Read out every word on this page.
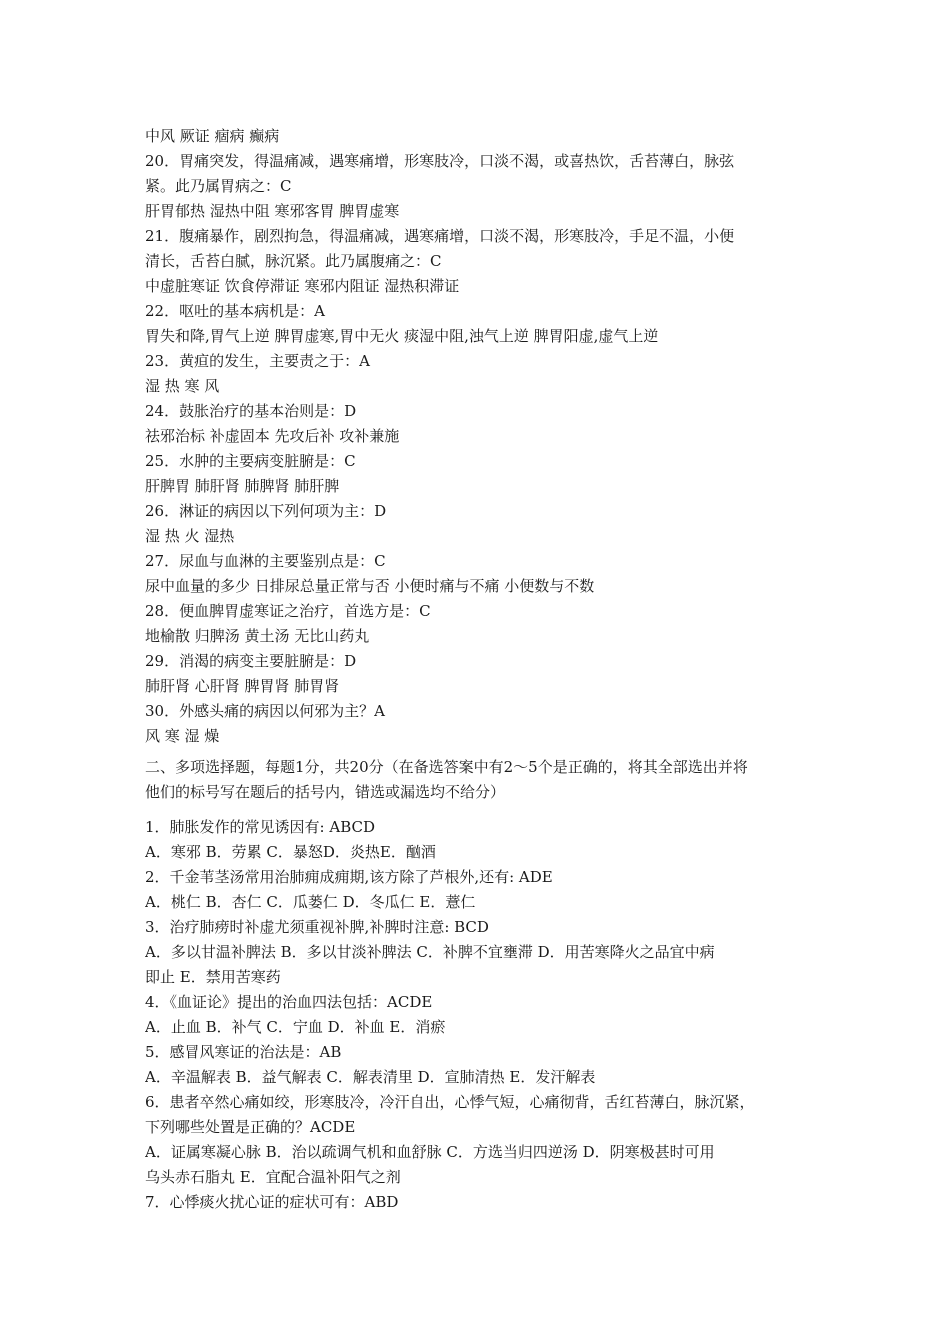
中风 厥证 痼病 癫病
20．胃痛突发，得温痛减，遇寒痛增，形寒肢冷，口淡不渴，或喜热饮，舌苔薄白，脉弦
紧。此乃属胃病之：C
肝胃郁热 湿热中阻 寒邪客胃 脾胃虚寒
21．腹痛暴作，剧烈拘急，得温痛减，遇寒痛增，口淡不渴，形寒肢冷，手足不温，小便
清长，舌苔白腻，脉沉紧。此乃属腹痛之：C
中虚脏寒证 饮食停滞证 寒邪内阻证 湿热积滞证
22．呕吐的基本病机是：A
胃失和降,胃气上逆 脾胃虚寒,胃中无火 痰湿中阻,浊气上逆 脾胃阳虚,虚气上逆
23．黄疸的发生，主要责之于：A
湿 热 寒 风
24．鼓胀治疗的基本治则是：D
祛邪治标 补虚固本 先攻后补 攻补兼施
25．水肿的主要病变脏腑是：C
肝脾胃 肺肝肾 肺脾肾 肺肝脾
26．淋证的病因以下列何项为主：D
湿 热 火 湿热
27．尿血与血淋的主要鉴别点是：C
尿中血量的多少 日排尿总量正常与否 小便时痛与不痛 小便数与不数
28．便血脾胃虚寒证之治疗，首选方是：C
地榆散 归脾汤 黄土汤 无比山药丸
29．消渴的病变主要脏腑是：D
肺肝肾 心肝肾 脾胃肾 肺胃肾
30．外感头痛的病因以何邪为主？A
风 寒 湿 燥
二、多项选择题，每题1分，共20分（在备选答案中有2～5个是正确的，将其全部选出并将
他们的标号写在题后的括号内，错选或漏选均不给分）
1．肺胀发作的常见诱因有: ABCD
A．寒邪 B．劳累 C．暴怒D．炎热E．酗酒
2．千金苇茎汤常用治肺痈成痈期,该方除了芦根外,还有: ADE
A．桃仁 B．杏仁 C．瓜蒌仁 D．冬瓜仁 E．薏仁
3．治疗肺痨时补虚尤须重视补脾,补脾时注意: BCD
A．多以甘温补脾法 B．多以甘淡补脾法 C．补脾不宜壅滞 D．用苦寒降火之品宜中病
即止 E．禁用苦寒药
4．《血证论》提出的治血四法包括：ACDE
A．止血 B．补气 C．宁血 D．补血 E．消瘀
5．感冒风寒证的治法是：AB
A．辛温解表 B．益气解表 C．解表清里 D．宣肺清热 E．发汗解表
6．患者卒然心痛如绞，形寒肢冷，冷汗自出，心悸气短，心痛彻背，舌红苔薄白，脉沉紧，
下列哪些处置是正确的？ACDE
A．证属寒凝心脉 B．治以疏调气机和血舒脉 C．方选当归四逆汤 D．阴寒极甚时可用
乌头赤石脂丸 E．宜配合温补阳气之剂
7．心悸痰火扰心证的症状可有：ABD
